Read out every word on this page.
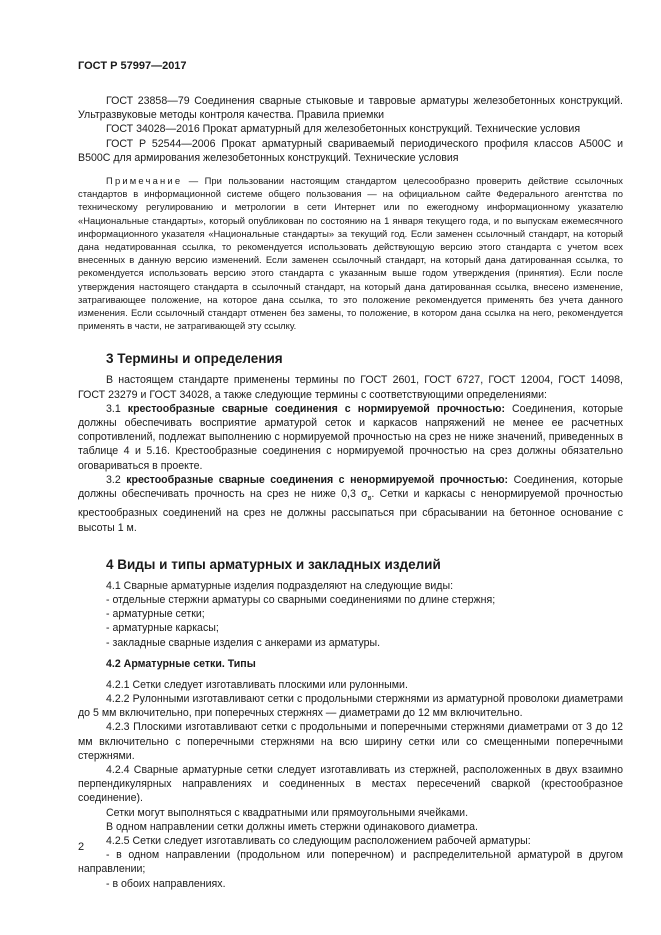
ГОСТ Р 57997—2017

ГОСТ 23858—79 Соединения сварные стыковые и тавровые арматуры железобетонных конструкций. Ультразвуковые методы контроля качества. Правила приемки

ГОСТ 34028—2016 Прокат арматурный для железобетонных конструкций. Технические условия

ГОСТ Р 52544—2006 Прокат арматурный свариваемый периодического профиля классов А500С и В500С для армирования железобетонных конструкций. Технические условия

Примечание — При пользовании настоящим стандартом целесообразно проверить действие ссылочных стандартов в информационной системе общего пользования — на официальном сайте Федерального агентства по техническому регулированию и метрологии в сети Интернет или по ежегодному информационному указателю «Национальные стандарты», который опубликован по состоянию на 1 января текущего года, и по выпускам ежемесячного информационного указателя «Национальные стандарты» за текущий год. Если заменен ссылочный стандарт, на который дана недатированная ссылка, то рекомендуется использовать действующую версию этого стандарта с учетом всех внесенных в данную версию изменений. Если заменен ссылочный стандарт, на который дана датированная ссылка, то рекомендуется использовать версию этого стандарта с указанным выше годом утверждения (принятия). Если после утверждения настоящего стандарта в ссылочный стандарт, на который дана датированная ссылка, внесено изменение, затрагивающее положение, на которое дана ссылка, то это положение рекомендуется применять без учета данного изменения. Если ссылочный стандарт отменен без замены, то положение, в котором дана ссылка на него, рекомендуется применять в части, не затрагивающей эту ссылку.

3 Термины и определения

В настоящем стандарте применены термины по ГОСТ 2601, ГОСТ 6727, ГОСТ 12004, ГОСТ 14098, ГОСТ 23279 и ГОСТ 34028, а также следующие термины с соответствующими определениями:

3.1 крестообразные сварные соединения с нормируемой прочностью: Соединения, которые должны обеспечивать восприятие арматурой сеток и каркасов напряжений не менее ее расчетных сопротивлений, подлежат выполнению с нормируемой прочностью на срез не ниже значений, приведенных в таблице 4 и 5.16. Крестообразные соединения с нормируемой прочностью на срез должны обязательно оговариваться в проекте.

3.2 крестообразные сварные соединения с ненормируемой прочностью: Соединения, которые должны обеспечивать прочность на срез не ниже 0,3 $\sigma_в$. Сетки и каркасы с ненормируемой прочностью крестообразных соединений на срез не должны рассыпаться при сбрасывании на бетонное основание с высоты 1 м.

4 Виды и типы арматурных и закладных изделий

4.1 Сварные арматурные изделия подразделяют на следующие виды:

- отдельные стержни арматуры со сварными соединениями по длине стержня;

- арматурные сетки;

- арматурные каркасы;

- закладные сварные изделия с анкерами из арматуры.

4.2 Арматурные сетки. Типы

4.2.1 Сетки следует изготавливать плоскими или рулонными.

4.2.2 Рулонными изготавливают сетки с продольными стержнями из арматурной проволоки диаметрами до 5 мм включительно, при поперечных стержнях — диаметрами до 12 мм включительно.

4.2.3 Плоскими изготавливают сетки с продольными и поперечными стержнями диаметрами от 3 до 12 мм включительно с поперечными стержнями на всю ширину сетки или со смещенными поперечными стержнями.

4.2.4 Сварные арматурные сетки следует изготавливать из стержней, расположенных в двух взаимно перпендикулярных направлениях и соединенных в местах пересечений сваркой (крестообразное соединение).

Сетки могут выполняться с квадратными или прямоугольными ячейками.

В одном направлении сетки должны иметь стержни одинакового диаметра.

4.2.5 Сетки следует изготавливать со следующим расположением рабочей арматуры:

- в одном направлении (продольном или поперечном) и распределительной арматурой в другом направлении;

- в обоих направлениях.

2
